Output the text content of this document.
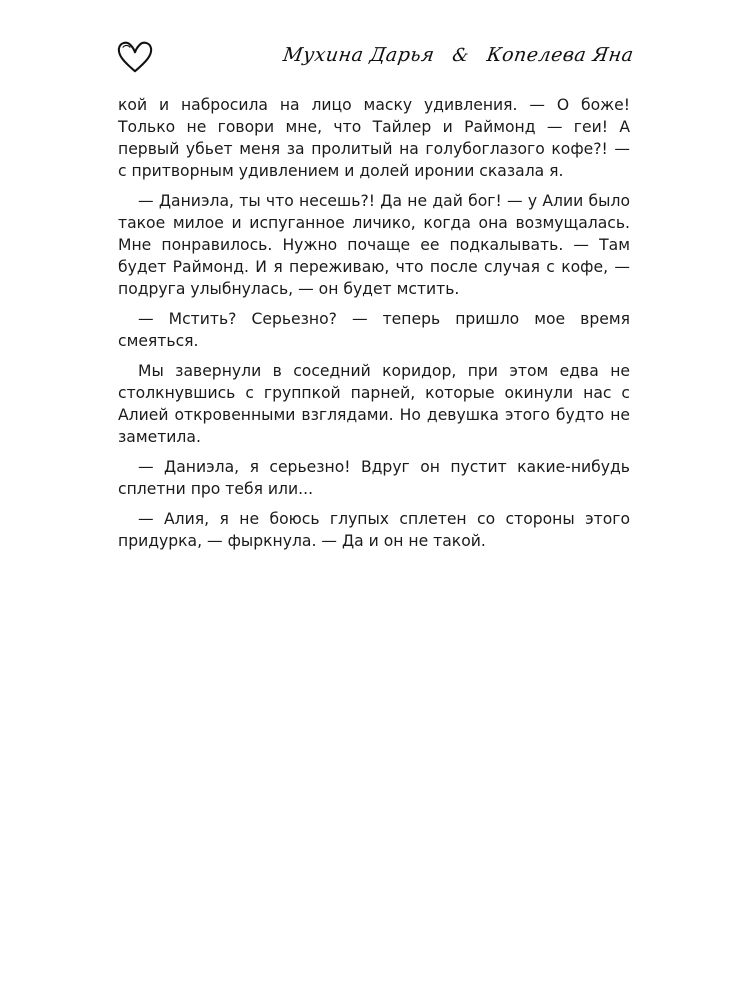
Мухина Дарья & Копелева Яна

кой и набросила на лицо маску удивления. — О боже! Только не говори мне, что Тайлер и Раймонд — геи! А первый убьет меня за пролитый на голубоглазого кофе?! — с притворным удивлением и долей иронии сказала я.

— Даниэла, ты что несешь?! Да не дай бог! — у Алии было такое милое и испуганное личико, когда она возмущалась. Мне понравилось. Нужно почаще ее подкалывать. — Там будет Раймонд. И я переживаю, что после случая с кофе, — подруга улыбнулась, — он будет мстить.

— Мстить? Серьезно? — теперь пришло мое время смеяться.

Мы завернули в соседний коридор, при этом едва не столкнувшись с группкой парней, которые окинули нас с Алией откровенными взглядами. Но девушка этого будто не заметила.

— Даниэла, я серьезно! Вдруг он пустит какие-нибудь сплетни про тебя или...

— Алия, я не боюсь глупых сплетен со стороны этого придурка, — фыркнула. — Да и он не такой.
